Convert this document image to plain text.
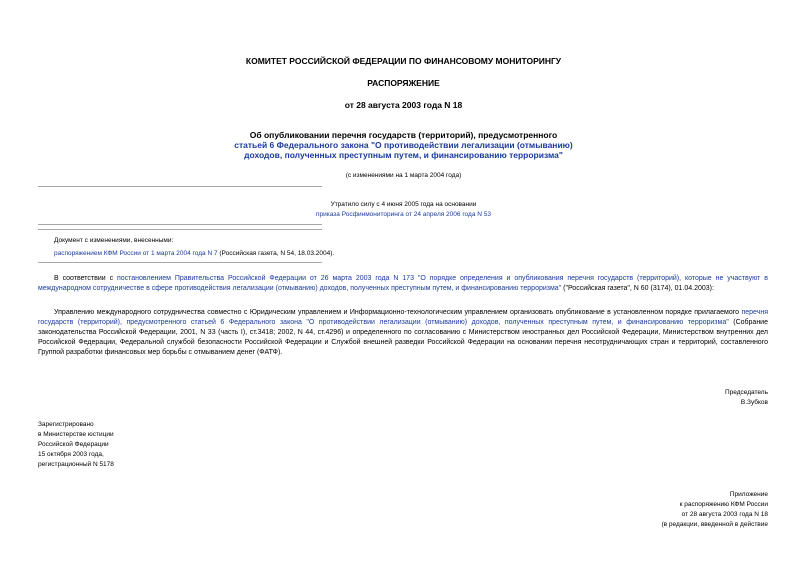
КОМИТЕТ РОССИЙСКОЙ ФЕДЕРАЦИИ ПО ФИНАНСОВОМУ МОНИТОРИНГУ
РАСПОРЯЖЕНИЕ
от 28 августа 2003 года N 18
Об опубликовании перечня государств (территорий), предусмотренного
статьей 6 Федерального закона "О противодействии легализации (отмыванию)
доходов, полученных преступным путем, и финансированию терроризма"
(с изменениями на 1 марта 2004 года)
Утратило силу с 4 июня 2005 года на основании
приказа Росфинмониторинга от 24 апреля 2006 года N 53
Документ с изменениями, внесенными:
распоряжением КФМ России от 1 марта 2004 года N 7 (Российская газета, N 54, 18.03.2004).
В соответствии с постановлением Правительства Российской Федерации от 26 марта 2003 года N 173 "О порядке определения и опубликования перечня государств (территорий), которые не участвуют в международном сотрудничестве в сфере противодействия легализации (отмыванию) доходов, полученных преступным путем, и финансированию терроризма" ("Российская газета", N 60 (3174), 01.04.2003):
Управлению международного сотрудничества совместно с Юридическим управлением и Информационно-технологическим управлением организовать опубликование в установленном порядке прилагаемого перечня государств (территорий), предусмотренного статьей 6 Федерального закона "О противодействии легализации (отмыванию) доходов, полученных преступным путем, и финансированию терроризма" (Собрание законодательства Российской Федерации, 2001, N 33 (часть I), ст.3418; 2002, N 44, ст.4296) и определенного по согласованию с Министерством иностранных дел Российской Федерации, Министерством внутренних дел Российской Федерации, Федеральной службой безопасности Российской Федерации и Службой внешней разведки Российской Федерации на основании перечня несотрудничающих стран и территорий, составленного Группой разработки финансовых мер борьбы с отмыванием денег (ФАТФ).
Председатель
В.Зубков
Зарегистрировано
в Министерстве юстиции
Российской Федерации
15 октября 2003 года,
регистрационный N 5178
Приложение
к распоряжению КФМ России
от 28 августа 2003 года N 18
(в редакции, введенной в действие
